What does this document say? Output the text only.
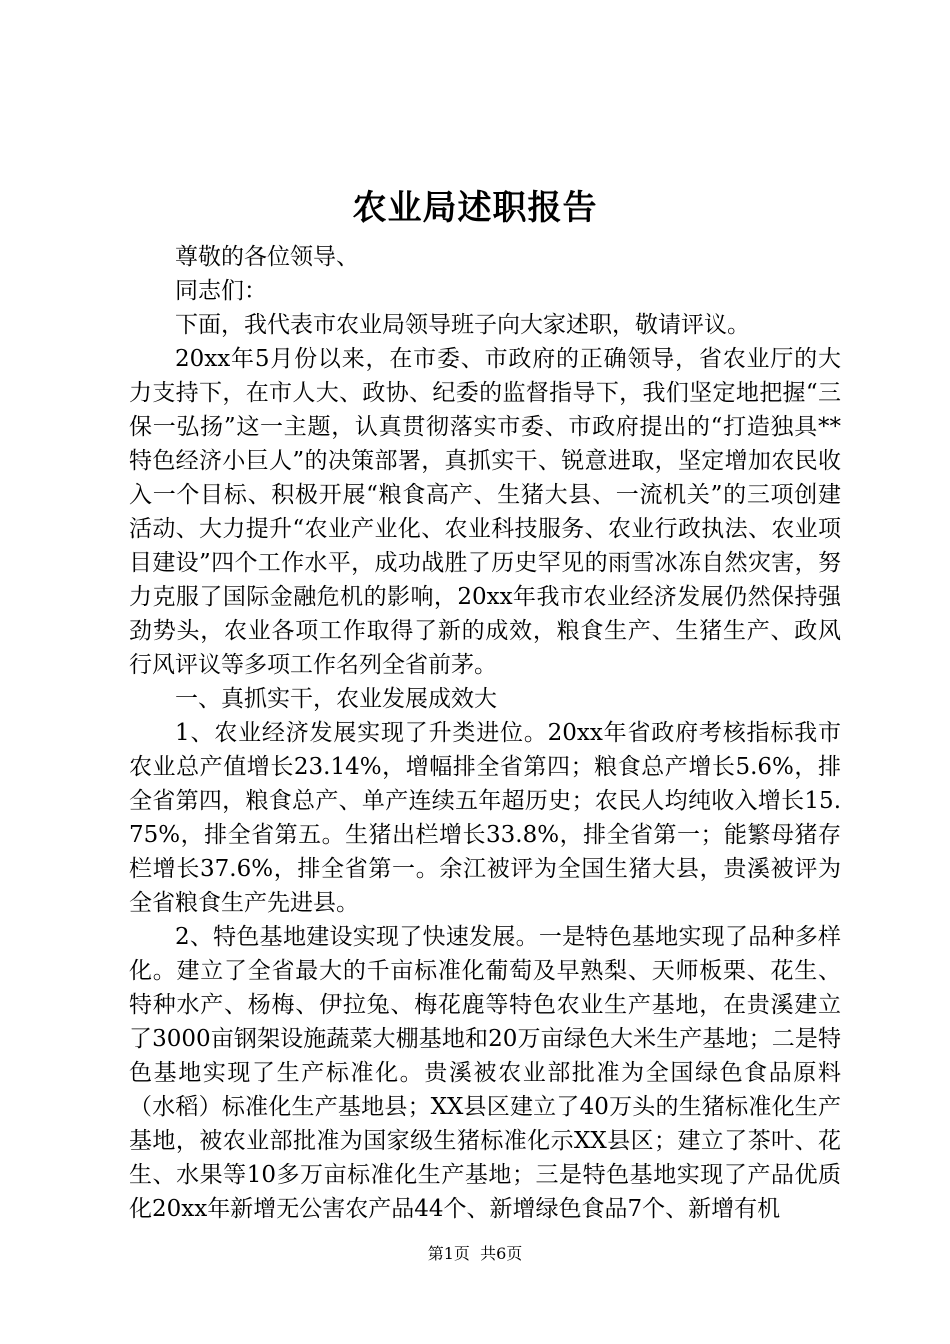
农业局述职报告

尊敬的各位领导、

同志们：

下面，我代表市农业局领导班子向大家述职，敬请评议。

20xx年5月份以来，在市委、市政府的正确领导，省农业厅的大力支持下，在市人大、政协、纪委的监督指导下，我们坚定地把握“三保一弘扬”这一主题，认真贯彻落实市委、市政府提出的“打造独具**特色经济小巨人”的决策部署，真抓实干、锐意进取，坚定增加农民收入一个目标、积极开展“粮食高产、生猪大县、一流机关”的三项创建活动、大力提升“农业产业化、农业科技服务、农业行政执法、农业项目建设”四个工作水平，成功战胜了历史罕见的雨雪冰冻自然灾害，努力克服了国际金融危机的影响，20xx年我市农业经济发展仍然保持强劲势头，农业各项工作取得了新的成效，粮食生产、生猪生产、政风行风评议等多项工作名列全省前茅。

一、真抓实干，农业发展成效大

1、农业经济发展实现了升类进位。20xx年省政府考核指标我市农业总产值增长23.14%，增幅排全省第四；粮食总产增长5.6%，排全省第四，粮食总产、单产连续五年超历史；农民人均纯收入增长15.75%，排全省第五。生猪出栏增长33.8%，排全省第一；能繁母猪存栏增长37.6%，排全省第一。余江被评为全国生猪大县，贵溪被评为全省粮食生产先进县。

2、特色基地建设实现了快速发展。一是特色基地实现了品种多样化。建立了全省最大的千亩标准化葡萄及早熟梨、天师板栗、花生、特种水产、杨梅、伊拉兔、梅花鹿等特色农业生产基地，在贵溪建立了3000亩钢架设施蔬菜大棚基地和20万亩绿色大米生产基地；二是特色基地实现了生产标准化。贵溪被农业部批准为全国绿色食品原料（水稻）标准化生产基地县；XX县区建立了40万头的生猪标准化生产基地，被农业部批准为国家级生猪标准化示XX县区；建立了茶叶、花生、水果等10多万亩标准化生产基地；三是特色基地实现了产品优质化20xx年新增无公害农产品44个、新增绿色食品7个、新增有机

第1页 共6页
